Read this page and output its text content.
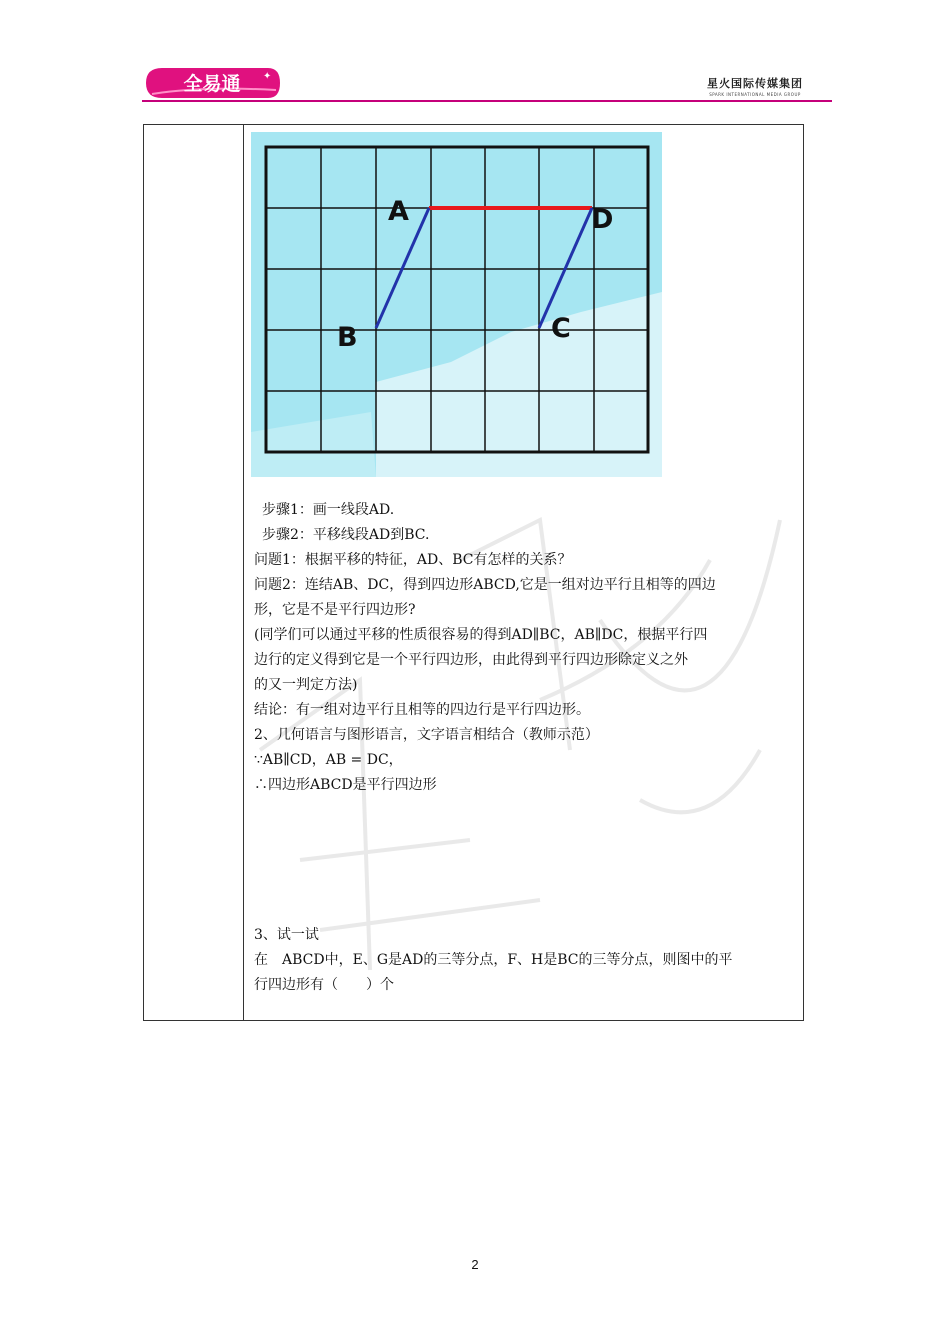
全易通 ✦
星火国际传媒集团
SPARK INTERNATIONAL MEDIA GROUP
A	D
B	C
步骤1：画一线段AD.
步骤2：平移线段AD到BC.
问题1：根据平移的特征，AD、BC有怎样的关系？
问题2：连结AB、DC，得到四边形ABCD,它是一组对边平行且相等的四边
形，它是不是平行四边形?
(同学们可以通过平移的性质很容易的得到AD∥BC，AB∥DC，根据平行四
边行的定义得到它是一个平行四边形，由此得到平行四边形除定义之外
的又一判定方法)
结论：有一组对边平行且相等的四边行是平行四边形。
2、几何语言与图形语言，文字语言相结合（教师示范）
∵AB∥CD，AB = DC，
∴四边形ABCD是平行四边形
3、试一试
在　ABCD中，E、G是AD的三等分点，F、H是BC的三等分点，则图中的平
行四边形有（　　）个
2
